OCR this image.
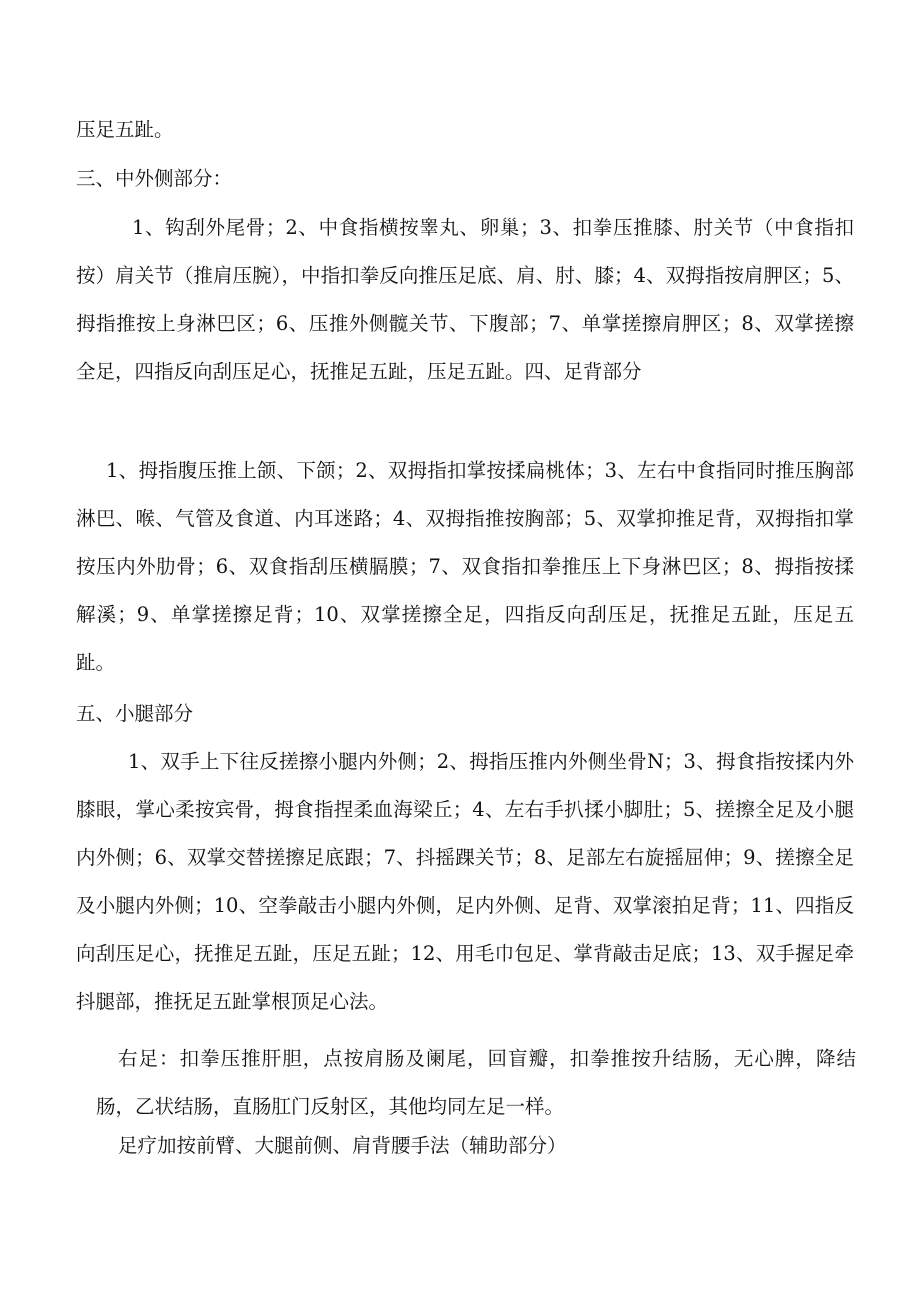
压足五趾。
三、中外侧部分：
1、钩刮外尾骨；2、中食指横按睾丸、卵巢；3、扣拳压推膝、肘关节（中食指扣按）肩关节（推肩压腕），中指扣拳反向推压足底、肩、肘、膝；4、双拇指按肩胛区；5、拇指推按上身淋巴区；6、压推外侧髋关节、下腹部；7、单掌搓擦肩胛区；8、双掌搓擦全足，四指反向刮压足心，抚推足五趾，压足五趾。四、足背部分
1、拇指腹压推上颌、下颌；2、双拇指扣掌按揉扁桃体；3、左右中食指同时推压胸部淋巴、喉、气管及食道、内耳迷路；4、双拇指推按胸部；5、双掌抑推足背，双拇指扣掌按压内外肋骨；6、双食指刮压横膈膜；7、双食指扣拳推压上下身淋巴区；8、拇指按揉解溪；9、单掌搓擦足背；10、双掌搓擦全足，四指反向刮压足，抚推足五趾，压足五趾。
五、小腿部分
1、双手上下往反搓擦小腿内外侧；2、拇指压推内外侧坐骨N；3、拇食指按揉内外膝眼，掌心柔按宾骨，拇食指捏柔血海梁丘；4、左右手扒揉小脚肚；5、搓擦全足及小腿内外侧；6、双掌交替搓擦足底跟；7、抖摇踝关节；8、足部左右旋摇屈伸；9、搓擦全足及小腿内外侧；10、空拳敲击小腿内外侧，足内外侧、足背、双掌滚拍足背；11、四指反向刮压足心，抚推足五趾，压足五趾；12、用毛巾包足、掌背敲击足底；13、双手握足牵抖腿部，推抚足五趾掌根顶足心法。
右足：扣拳压推肝胆，点按肩肠及阑尾，回盲瓣，扣拳推按升结肠，无心脾，降结肠，乙状结肠，直肠肛门反射区，其他均同左足一样。
足疗加按前臂、大腿前侧、肩背腰手法（辅助部分）
